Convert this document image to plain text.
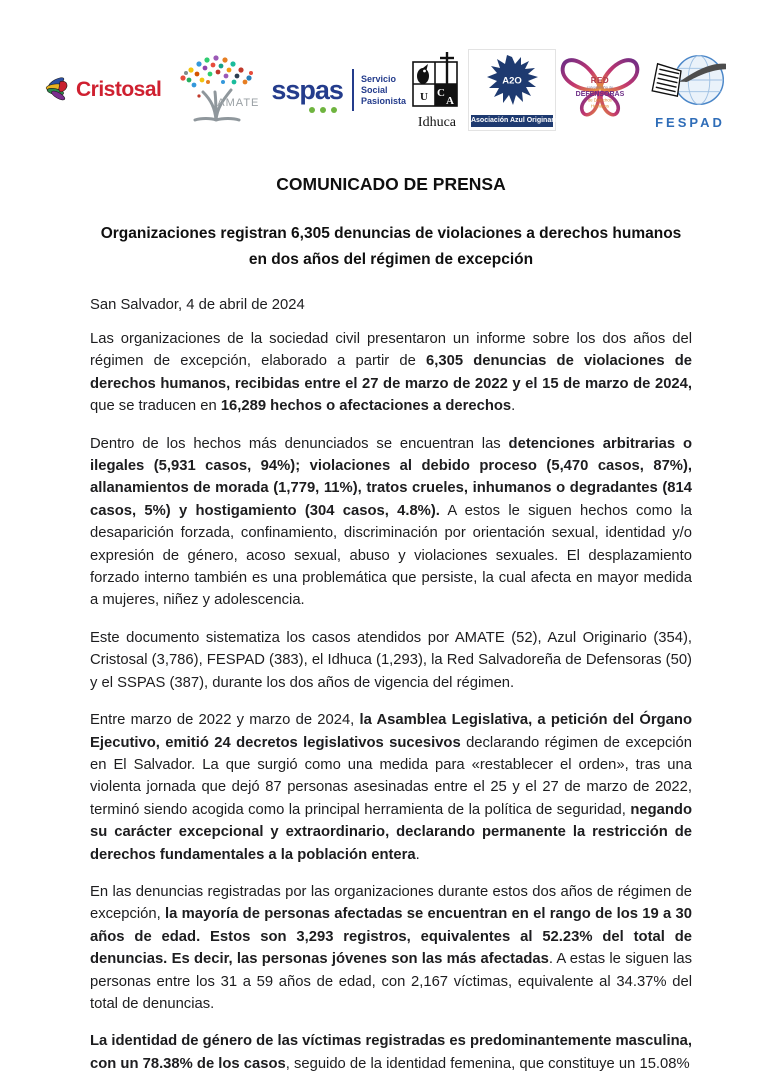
Cristosal
AMATE sspas Servicio
Social
Pasionista U C
A
Idhuca
A2O
Asociación Azul Originario
RED
salvadoreña de
DEFENSORAS
de Derechos
Humanos
FESPAD
COMUNICADO DE PRENSA
Organizaciones registran 6,305 denuncias de violaciones a derechos humanos
en dos años del régimen de excepción

San Salvador, 4 de abril de 2024

Las organizaciones de la sociedad civil presentaron un informe sobre los dos años del régimen de excepción, elaborado a partir de 6,305 denuncias de violaciones de derechos humanos, recibidas entre el 27 de marzo de 2022 y el 15 de marzo de 2024, que se traducen en 16,289 hechos o afectaciones a derechos.

Dentro de los hechos más denunciados se encuentran las detenciones arbitrarias o ilegales (5,931 casos, 94%); violaciones al debido proceso (5,470 casos, 87%), allanamientos de morada (1,779, 11%), tratos crueles, inhumanos o degradantes (814 casos, 5%) y hostigamiento (304 casos, 4.8%). A estos le siguen hechos como la desaparición forzada, confinamiento, discriminación por orientación sexual, identidad y/o expresión de género, acoso sexual, abuso y violaciones sexuales. El desplazamiento forzado interno también es una problemática que persiste, la cual afecta en mayor medida a mujeres, niñez y adolescencia.

Este documento sistematiza los casos atendidos por AMATE (52), Azul Originario (354), Cristosal (3,786), FESPAD (383), el Idhuca (1,293), la Red Salvadoreña de Defensoras (50) y el SSPAS (387), durante los dos años de vigencia del régimen.

Entre marzo de 2022 y marzo de 2024, la Asamblea Legislativa, a petición del Órgano Ejecutivo, emitió 24 decretos legislativos sucesivos declarando régimen de excepción en El Salvador. La que surgió como una medida para «restablecer el orden», tras una violenta jornada que dejó 87 personas asesinadas entre el 25 y el 27 de marzo de 2022, terminó siendo acogida como la principal herramienta de la política de seguridad, negando su carácter excepcional y extraordinario, declarando permanente la restricción de derechos fundamentales a la población entera.

En las denuncias registradas por las organizaciones durante estos dos años de régimen de excepción, la mayoría de personas afectadas se encuentran en el rango de los 19 a 30 años de edad. Estos son 3,293 registros, equivalentes al 52.23% del total de denuncias. Es decir, las personas jóvenes son las más afectadas. A estas le siguen las personas entre los 31 a 59 años de edad, con 2,167 víctimas, equivalente al 34.37% del total de denuncias.

La identidad de género de las víctimas registradas es predominantemente masculina, con un 78.38% de los casos, seguido de la identidad femenina, que constituye un 15.08%
